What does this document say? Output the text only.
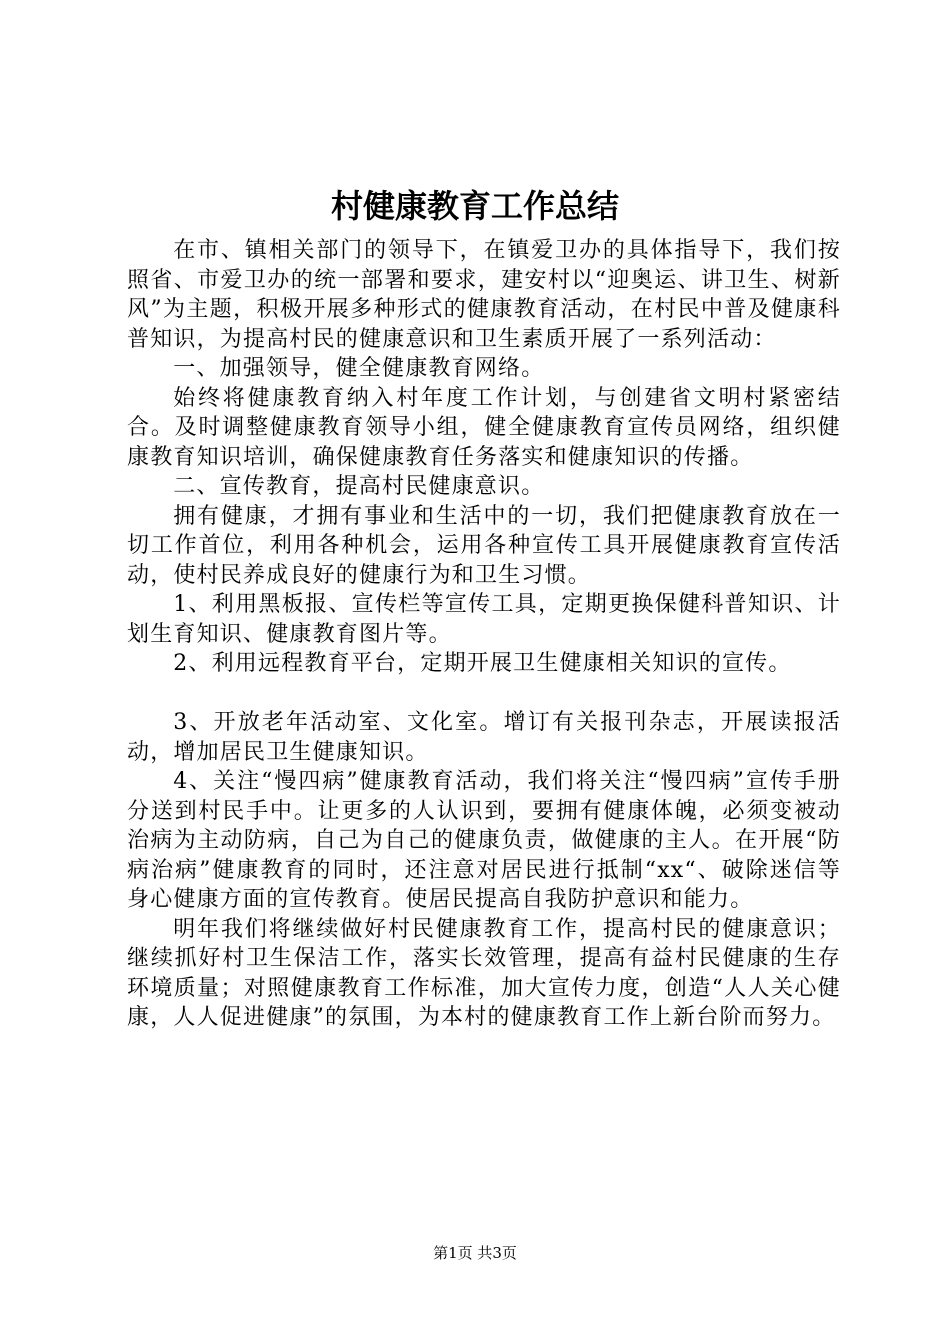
村健康教育工作总结

在市、镇相关部门的领导下，在镇爱卫办的具体指导下，我们按照省、市爱卫办的统一部署和要求，建安村以“迎奥运、讲卫生、树新风”为主题，积极开展多种形式的健康教育活动，在村民中普及健康科普知识，为提高村民的健康意识和卫生素质开展了一系列活动：

一、加强领导，健全健康教育网络。

始终将健康教育纳入村年度工作计划，与创建省文明村紧密结合。及时调整健康教育领导小组，健全健康教育宣传员网络，组织健康教育知识培训，确保健康教育任务落实和健康知识的传播。

二、宣传教育，提高村民健康意识。

拥有健康，才拥有事业和生活中的一切，我们把健康教育放在一切工作首位，利用各种机会，运用各种宣传工具开展健康教育宣传活动，使村民养成良好的健康行为和卫生习惯。

1、利用黑板报、宣传栏等宣传工具，定期更换保健科普知识、计划生育知识、健康教育图片等。

2、利用远程教育平台，定期开展卫生健康相关知识的宣传。

3、开放老年活动室、文化室。增订有关报刊杂志，开展读报活动，增加居民卫生健康知识。

4、关注“慢四病”健康教育活动，我们将关注“慢四病”宣传手册分送到村民手中。让更多的人认识到，要拥有健康体魄，必须变被动治病为主动防病，自己为自己的健康负责，做健康的主人。在开展“防病治病”健康教育的同时，还注意对居民进行抵制“xx“、破除迷信等身心健康方面的宣传教育。使居民提高自我防护意识和能力。

明年我们将继续做好村民健康教育工作，提高村民的健康意识；继续抓好村卫生保洁工作，落实长效管理，提高有益村民健康的生存环境质量；对照健康教育工作标准，加大宣传力度，创造“人人关心健康，人人促进健康”的氛围，为本村的健康教育工作上新台阶而努力。

第1页 共3页
